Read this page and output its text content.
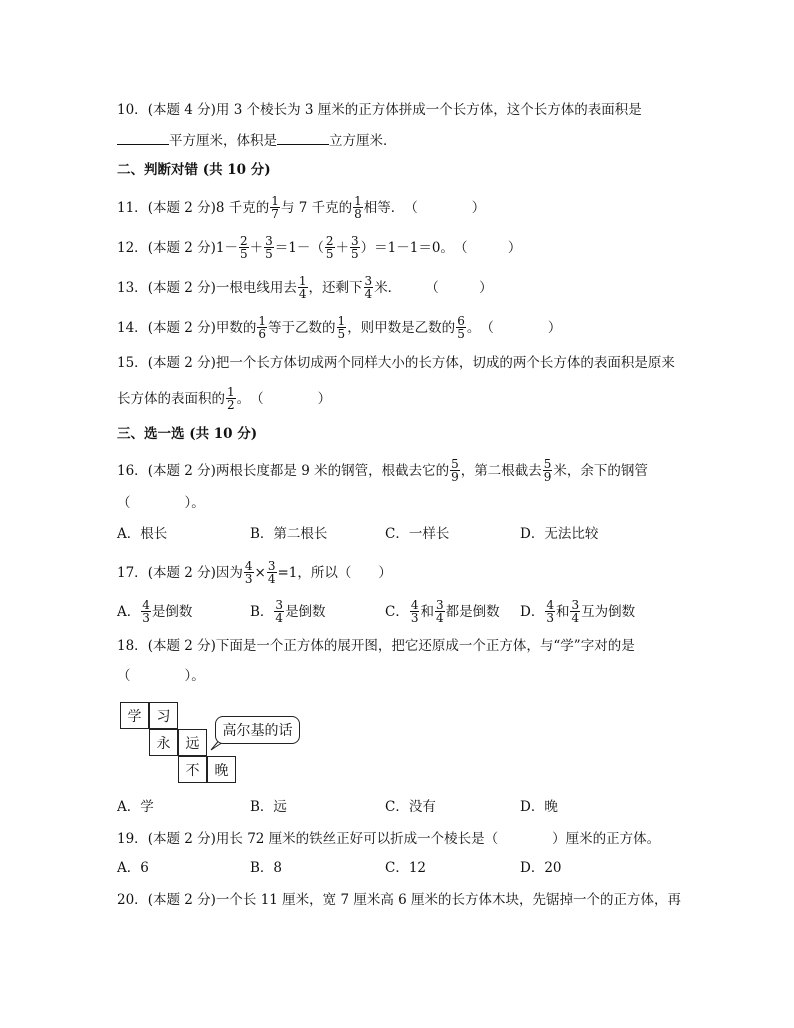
10．(本题 4 分)用 3 个棱长为 3 厘米的正方体拼成一个长方体，这个长方体的表面积是
平方厘米，体积是	立方厘米．
二、判断对错 (共 10 分)
11．(本题 2 分)8 千克的 $\frac{1}{7}$ 与 7 千克的 $\frac{1}{8}$ 相等．（　　　　）
12．(本题 2 分)$1- \frac{2}{5} + \frac{3}{5} =1-( \frac{2}{5} + \frac{3}{5} )=1-1=0$。（　　　）
13．(本题 2 分)一根电线用去 $\frac{1}{4}$ ，还剩下 $\frac{3}{4}$ 米． （　　　）
14．(本题 2 分)甲数的 $\frac{1}{6}$ 等于乙数的 $\frac{1}{5}$ ，则甲数是乙数的 $\frac{6}{5}$ 。（　　　　）
15．(本题 2 分)把一个长方体切成两个同样大小的长方体，切成的两个长方体的表面积是原来
长方体的表面积的 $\frac{1}{2}$ 。（　　　　）
三、选一选 (共 10 分)
16．(本题 2 分)两根长度都是 9 米的钢管，根截去它的 $\frac{5}{9}$ ，第二根截去 $\frac{5}{9}$ 米，余下的钢管
（　　　　）。
A．根长	B．第二根长	C．一样长	D．无法比较
17．(本题 2 分)因为 $\frac{4}{3} \times \frac{3}{4} =1$，所以（　　）
A． $\frac{4}{3}$ 是倒数	B． $\frac{3}{4}$ 是倒数	C． $\frac{4}{3}$ 和 $\frac{3}{4}$ 都是倒数 D． $\frac{4}{3}$ 和 $\frac{3}{4}$ 互为倒数
18．(本题 2 分)下面是一个正方体的展开图，把它还原成一个正方体，与“学”字对的是
（　　　　）。
学	习
永	远
不	晚
高尔基的话
A．学	B．远	C．没有	D．晚
19．(本题 2 分)用长 72 厘米的铁丝正好可以折成一个棱长是（　　　　）厘米的正方体。
A．6	B．8	C．12	D．20
20．(本题 2 分)一个长 11 厘米，宽 7 厘米高 6 厘米的长方体木块，先锯掉一个的正方体，再
